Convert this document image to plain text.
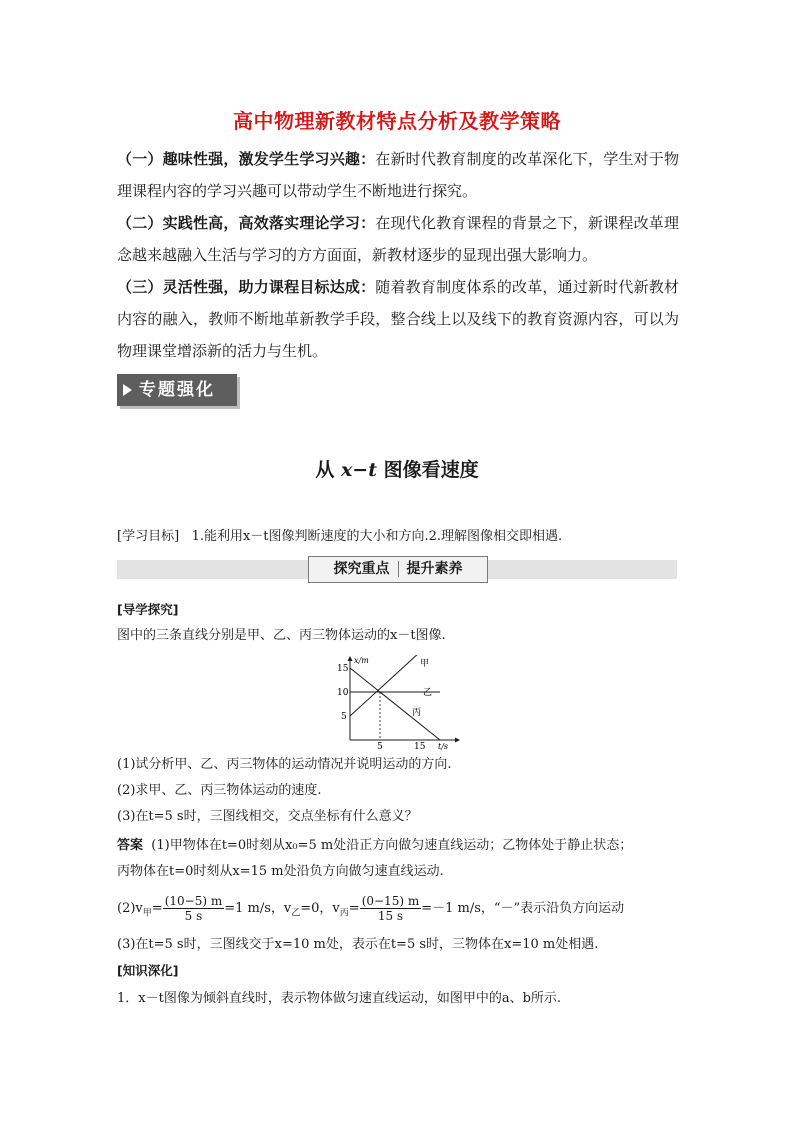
高中物理新教材特点分析及教学策略
（一）趣味性强，激发学生学习兴趣：在新时代教育制度的改革深化下，学生对于物理课程内容的学习兴趣可以带动学生不断地进行探究。
（二）实践性高，高效落实理论学习：在现代化教育课程的背景之下，新课程改革理念越来越融入生活与学习的方方面面，新教材逐步的显现出强大影响力。
（三）灵活性强，助力课程目标达成：随着教育制度体系的改革，通过新时代新教材内容的融入，教师不断地革新教学手段，整合线上以及线下的教育资源内容，可以为物理课堂增添新的活力与生机。
专题强化
从 x−t 图像看速度
[学习目标] 1.能利用x－t图像判断速度的大小和方向.2.理解图像相交即相遇.
探究重点 提升素养
[导学探究]
图中的三条直线分别是甲、乙、丙三物体运动的x－t图像.
x/m
t/s
15
10
5
5	15
甲
乙
丙
(1)试分析甲、乙、丙三物体的运动情况并说明运动的方向.
(2)求甲、乙、丙三物体运动的速度.
(3)在t=5 s时，三图线相交，交点坐标有什么意义？
答案 (1)甲物体在t=0时刻从x₀=5 m处沿正方向做匀速直线运动；乙物体处于静止状态；
丙物体在t=0时刻从x=15 m处沿负方向做匀速直线运动.
$(2)v_甲= \frac{(10-5) m}{5 s} =1$ m/s，$v_乙=0$，$v_丙= \frac{(0-15) m}{15 s} =-1$ m/s，“－”表示沿负方向运动
(3)在t=5 s时，三图线交于x=10 m处，表示在t=5 s时，三物体在x=10 m处相遇.
[知识深化]
1．x－t图像为倾斜直线时，表示物体做匀速直线运动，如图甲中的a、b所示.
